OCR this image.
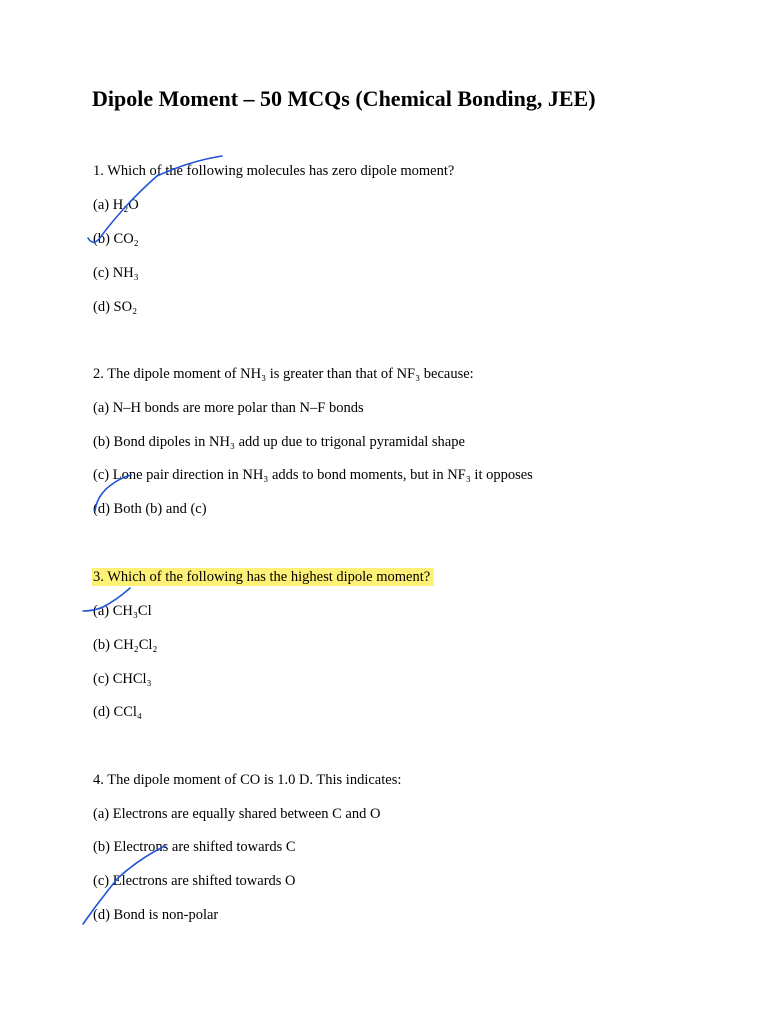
Dipole Moment – 50 MCQs (Chemical Bonding, JEE)
1. Which of the following molecules has zero dipole moment?
(a) H₂O
(b) CO₂
(c) NH₃
(d) SO₂
2. The dipole moment of NH₃ is greater than that of NF₃ because:
(a) N–H bonds are more polar than N–F bonds
(b) Bond dipoles in NH₃ add up due to trigonal pyramidal shape
(c) Lone pair direction in NH₃ adds to bond moments, but in NF₃ it opposes
(d) Both (b) and (c)
3. Which of the following has the highest dipole moment?
(a) CH₃Cl
(b) CH₂Cl₂
(c) CHCl₃
(d) CCl₄
4. The dipole moment of CO is 1.0 D. This indicates:
(a) Electrons are equally shared between C and O
(b) Electrons are shifted towards C
(c) Electrons are shifted towards O
(d) Bond is non-polar
